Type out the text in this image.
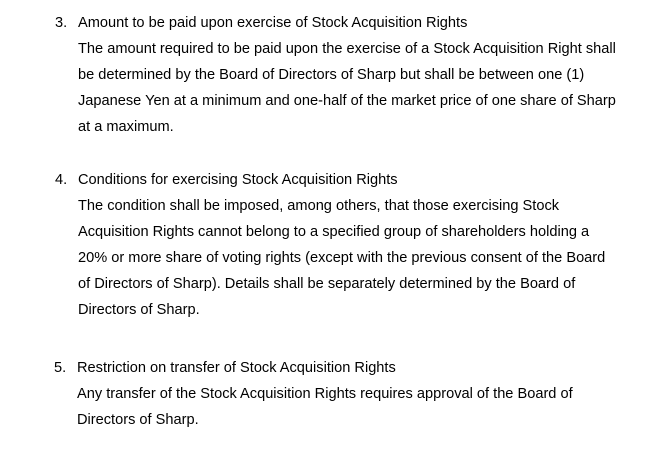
3. Amount to be paid upon exercise of Stock Acquisition Rights
The amount required to be paid upon the exercise of a Stock Acquisition Right shall
be determined by the Board of Directors of Sharp but shall be between one (1)
Japanese Yen at a minimum and one-half of the market price of one share of Sharp
at a maximum.
4. Conditions for exercising Stock Acquisition Rights
The condition shall be imposed, among others, that those exercising Stock
Acquisition Rights cannot belong to a specified group of shareholders holding a
20% or more share of voting rights (except with the previous consent of the Board
of Directors of Sharp). Details shall be separately determined by the Board of
Directors of Sharp.
5. Restriction on transfer of Stock Acquisition Rights
Any transfer of the Stock Acquisition Rights requires approval of the Board of
Directors of Sharp.
